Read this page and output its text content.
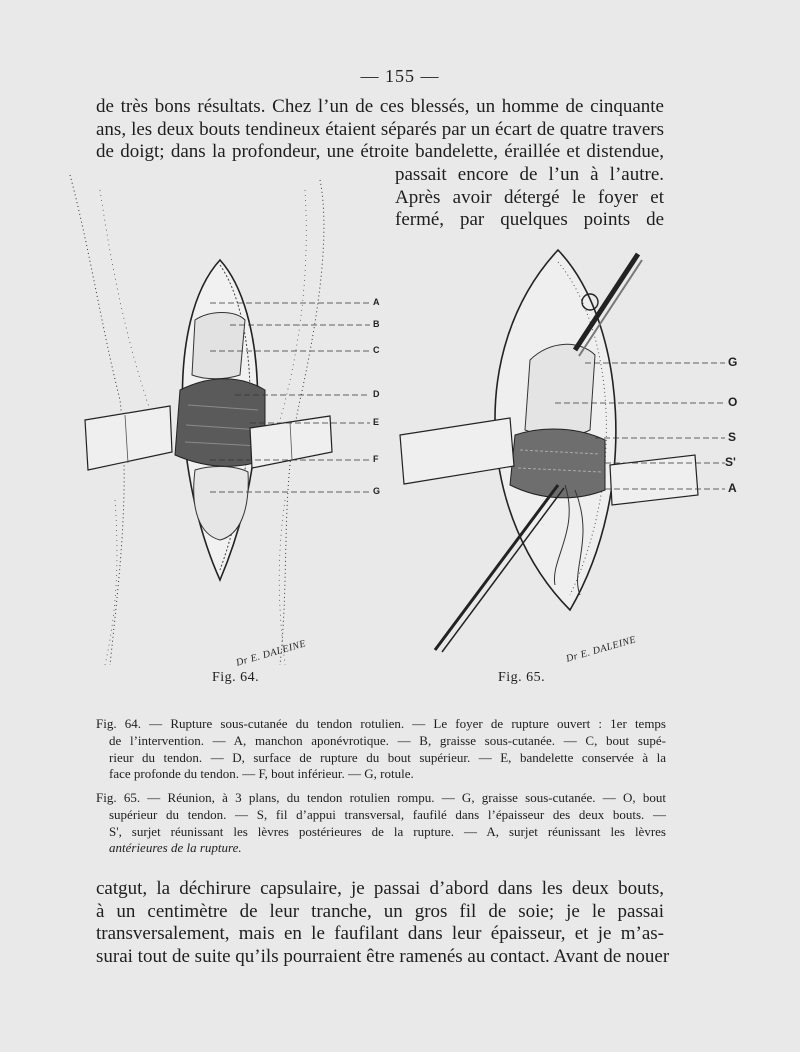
— 155 —

de très bons résultats. Chez l’un de ces blessés, un homme de cinquante
ans, les deux bouts tendineux étaient séparés par un écart de quatre travers
de doigt; dans la profondeur, une étroite bandelette, éraillée et distendue,

passait encore de l’un à l’autre.
Après avoir détergé le foyer et
fermé, par quelques points de

A
B
C
D
E
F
G
Dr E. DALEINE
Fig. 64.
G
O
S
S'
A
Dr E. DALEINE
Fig. 65.
Fig. 64. — Rupture sous-cutanée du tendon rotulien. — Le foyer de rupture ouvert : 1er temps
de l’intervention. — A, manchon aponévrotique. — B, graisse sous-cutanée. — C, bout supé-
rieur du tendon. — D, surface de rupture du bout supérieur. — E, bandelette conservée à la
face profonde du tendon. — F, bout inférieur. — G, rotule.
Fig. 65. — Réunion, à 3 plans, du tendon rotulien rompu. — G, graisse sous-cutanée. — O, bout
supérieur du tendon. — S, fil d’appui transversal, faufilé dans l’épaisseur des deux bouts. —
S', surjet réunissant les lèvres postérieures de la rupture. — A, surjet réunissant les lèvres
antérieures de la rupture.

catgut, la déchirure capsulaire, je passai d’abord dans les deux bouts,
à un centimètre de leur tranche, un gros fil de soie; je le passai
transversalement, mais en le faufilant dans leur épaisseur, et je m’as-
surai tout de suite qu’ils pourraient être ramenés au contact. Avant de nouer
